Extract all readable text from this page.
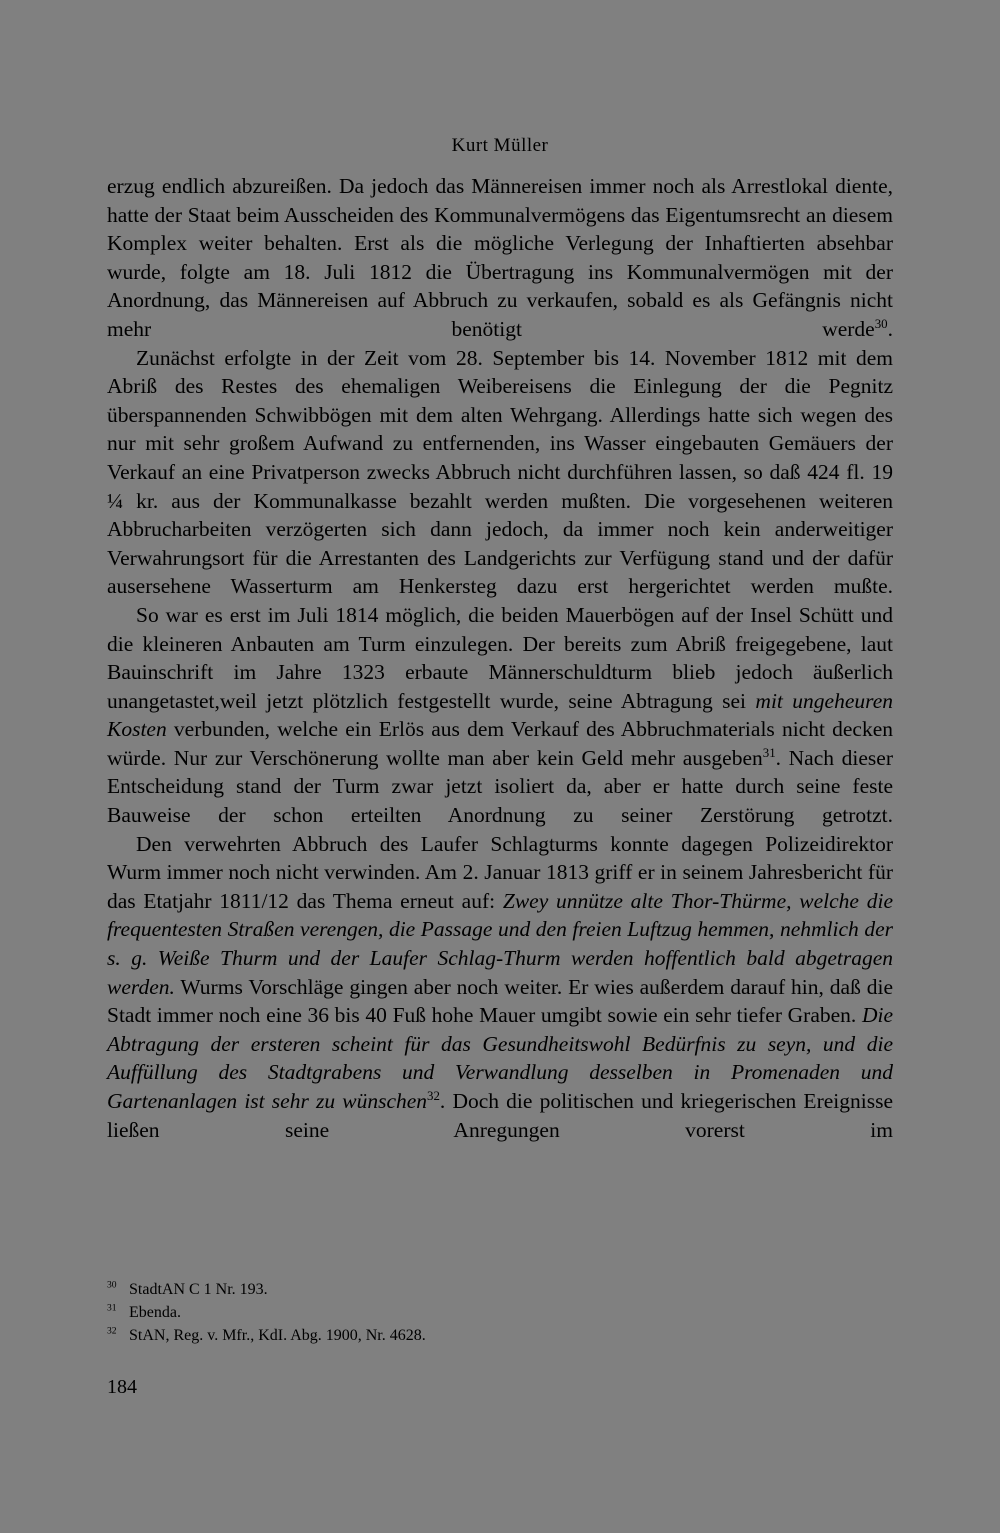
Kurt Müller

erzug endlich abzureißen. Da jedoch das Männereisen immer noch als Arrestlokal diente, hatte der Staat beim Ausscheiden des Kommunalvermögens das Eigentumsrecht an diesem Komplex weiter behalten. Erst als die mögliche Verlegung der Inhaftierten absehbar wurde, folgte am 18. Juli 1812 die Übertragung ins Kommunalvermögen mit der Anordnung, das Männereisen auf Abbruch zu verkaufen, sobald es als Gefängnis nicht mehr benötigt werde$^{30}$.

Zunächst erfolgte in der Zeit vom 28. September bis 14. November 1812 mit dem Abriß des Restes des ehemaligen Weibereisens die Einlegung der die Pegnitz überspannenden Schwibbögen mit dem alten Wehrgang. Allerdings hatte sich wegen des nur mit sehr großem Aufwand zu entfernenden, ins Wasser eingebauten Gemäuers der Verkauf an eine Privatperson zwecks Abbruch nicht durchführen lassen, so daß 424 fl. 19 ¼ kr. aus der Kommunalkasse bezahlt werden mußten. Die vorgesehenen weiteren Abbrucharbeiten verzögerten sich dann jedoch, da immer noch kein anderweitiger Verwahrungsort für die Arrestanten des Landgerichts zur Verfügung stand und der dafür ausersehene Wasserturm am Henkersteg dazu erst hergerichtet werden mußte.

So war es erst im Juli 1814 möglich, die beiden Mauerbögen auf der Insel Schütt und die kleineren Anbauten am Turm einzulegen. Der bereits zum Abriß freigegebene, laut Bauinschrift im Jahre 1323 erbaute Männerschuldturm blieb jedoch äußerlich unangetastet,weil jetzt plötzlich festgestellt wurde, seine Abtragung sei mit ungeheuren Kosten verbunden, welche ein Erlös aus dem Verkauf des Abbruchmaterials nicht decken würde. Nur zur Verschönerung wollte man aber kein Geld mehr ausgeben$^{31}$. Nach dieser Entscheidung stand der Turm zwar jetzt isoliert da, aber er hatte durch seine feste Bauweise der schon erteilten Anordnung zu seiner Zerstörung getrotzt.

Den verwehrten Abbruch des Laufer Schlagturms konnte dagegen Polizeidirektor Wurm immer noch nicht verwinden. Am 2. Januar 1813 griff er in seinem Jahresbericht für das Etatjahr 1811/12 das Thema erneut auf: Zwey unnütze alte Thor-Thürme, welche die frequentesten Straßen verengen, die Passage und den freien Luftzug hemmen, nehmlich der s. g. Weiße Thurm und der Laufer Schlag-Thurm werden hoffentlich bald abgetragen werden. Wurms Vorschläge gingen aber noch weiter. Er wies außerdem darauf hin, daß die Stadt immer noch eine 36 bis 40 Fuß hohe Mauer umgibt sowie ein sehr tiefer Graben. Die Abtragung der ersteren scheint für das Gesundheitswohl Bedürfnis zu seyn, und die Auffüllung des Stadtgrabens und Verwandlung desselben in Promenaden und Gartenanlagen ist sehr zu wünschen$^{32}$. Doch die politischen und kriegerischen Ereignisse ließen seine Anregungen vorerst im

$^{30}$ StadtAN C 1 Nr. 193.
$^{31}$ Ebenda.
$^{32}$ StAN, Reg. v. Mfr., KdI. Abg. 1900, Nr. 4628.
184
